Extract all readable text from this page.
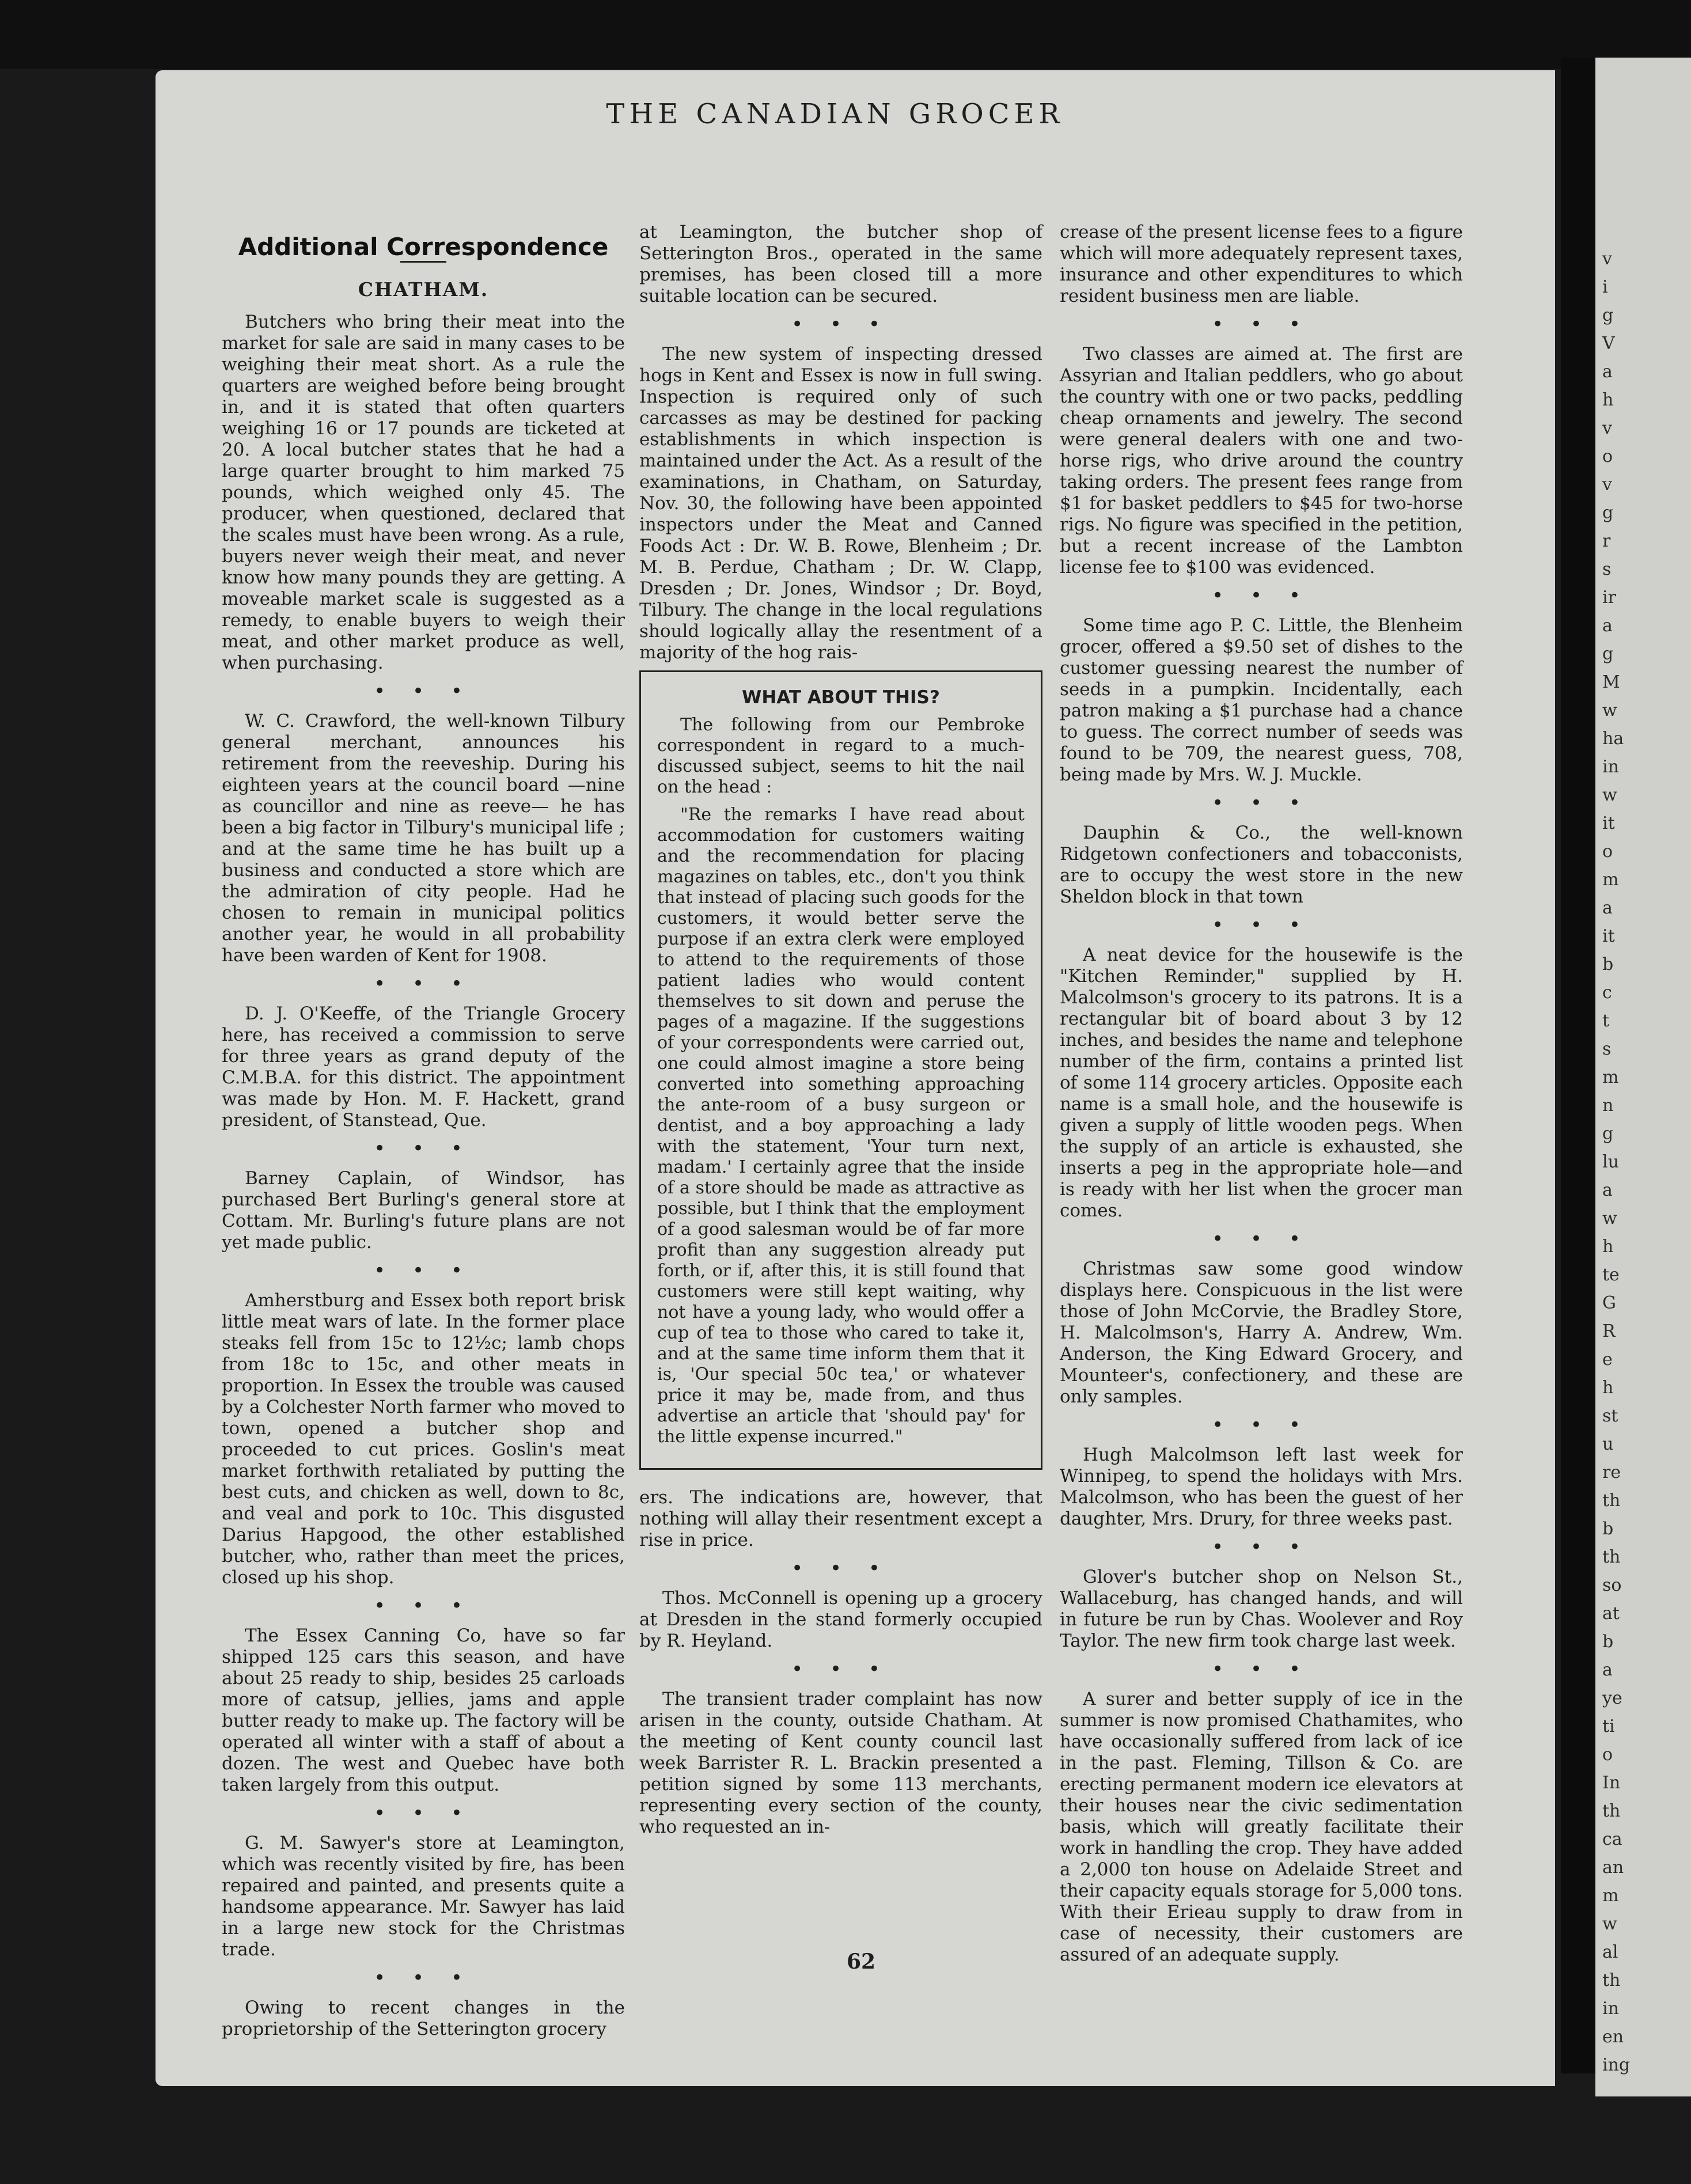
v
i
g
V
a
h
v
o
v
g
r
s
ir
a
g
M
w
ha
in
w
it
o
m
a
it
b
c
t
s
m
n
g
lu
a
w
h
te
G
R
e
h
st
u
re
th
b
th
so
at
b
a
ye
ti
o
In
th
ca
an
m
w
al
th
in
en
ing
THE CANADIAN GROCER
Additional Correspondence
CHATHAM.

Butchers who bring their meat into the market for sale are said in many cases to be weighing their meat short. As a rule the quarters are weighed before being brought in, and it is stated that often quarters weighing 16 or 17 pounds are ticketed at 20. A local butcher states that he had a large quarter brought to him marked 75 pounds, which weighed only 45. The producer, when questioned, declared that the scales must have been wrong. As a rule, buyers never weigh their meat, and never know how many pounds they are getting. A moveable market scale is suggested as a remedy, to enable buyers to weigh their meat, and other market produce as well, when purchasing.

• • •

W. C. Crawford, the well-known Tilbury general merchant, announces his retirement from the reeveship. During his eighteen years at the council board —nine as councillor and nine as reeve— he has been a big factor in Tilbury's municipal life ; and at the same time he has built up a business and conducted a store which are the admiration of city people. Had he chosen to remain in municipal politics another year, he would in all probability have been warden of Kent for 1908.

• • •

D. J. O'Keeffe, of the Triangle Grocery here, has received a commission to serve for three years as grand deputy of the C.M.B.A. for this district. The appointment was made by Hon. M. F. Hackett, grand president, of Stanstead, Que.

• • •

Barney Caplain, of Windsor, has purchased Bert Burling's general store at Cottam. Mr. Burling's future plans are not yet made public.

• • •

Amherstburg and Essex both report brisk little meat wars of late. In the former place steaks fell from 15c to 12½c; lamb chops from 18c to 15c, and other meats in proportion. In Essex the trouble was caused by a Colchester North farmer who moved to town, opened a butcher shop and proceeded to cut prices. Goslin's meat market forthwith retaliated by putting the best cuts, and chicken as well, down to 8c, and veal and pork to 10c. This disgusted Darius Hapgood, the other established butcher, who, rather than meet the prices, closed up his shop.

• • •

The Essex Canning Co, have so far shipped 125 cars this season, and have about 25 ready to ship, besides 25 carloads more of catsup, jellies, jams and apple butter ready to make up. The factory will be operated all winter with a staff of about a dozen. The west and Quebec have both taken largely from this output.

• • •

G. M. Sawyer's store at Leamington, which was recently visited by fire, has been repaired and painted, and presents quite a handsome appearance. Mr. Sawyer has laid in a large new stock for the Christmas trade.

• • •

Owing to recent changes in the proprietorship of the Setterington grocery

at Leamington, the butcher shop of Setterington Bros., operated in the same premises, has been closed till a more suitable location can be secured.

• • •

The new system of inspecting dressed hogs in Kent and Essex is now in full swing. Inspection is required only of such carcasses as may be destined for packing establishments in which inspection is maintained under the Act. As a result of the examinations, in Chatham, on Saturday, Nov. 30, the following have been appointed inspectors under the Meat and Canned Foods Act : Dr. W. B. Rowe, Blenheim ; Dr. M. B. Perdue, Chatham ; Dr. W. Clapp, Dresden ; Dr. Jones, Windsor ; Dr. Boyd, Tilbury. The change in the local regulations should logically allay the resentment of a majority of the hog rais-

WHAT ABOUT THIS?

The following from our Pembroke correspondent in regard to a much-discussed subject, seems to hit the nail on the head :

"Re the remarks I have read about accommodation for customers waiting and the recommendation for placing magazines on tables, etc., don't you think that instead of placing such goods for the customers, it would better serve the purpose if an extra clerk were employed to attend to the requirements of those patient ladies who would content themselves to sit down and peruse the pages of a magazine. If the suggestions of your correspondents were carried out, one could almost imagine a store being converted into something approaching the ante-room of a busy surgeon or dentist, and a boy approaching a lady with the statement, 'Your turn next, madam.' I certainly agree that the inside of a store should be made as attractive as possible, but I think that the employment of a good salesman would be of far more profit than any suggestion already put forth, or if, after this, it is still found that customers were still kept waiting, why not have a young lady, who would offer a cup of tea to those who cared to take it, and at the same time inform them that it is, 'Our special 50c tea,' or whatever price it may be, made from, and thus advertise an article that 'should pay' for the little expense incurred."

ers. The indications are, however, that nothing will allay their resentment except a rise in price.

• • •

Thos. McConnell is opening up a grocery at Dresden in the stand formerly occupied by R. Heyland.

• • •

The transient trader complaint has now arisen in the county, outside Chatham. At the meeting of Kent county council last week Barrister R. L. Brackin presented a petition signed by some 113 merchants, representing every section of the county, who requested an in-

crease of the present license fees to a figure which will more adequately represent taxes, insurance and other expenditures to which resident business men are liable.

• • •

Two classes are aimed at. The first are Assyrian and Italian peddlers, who go about the country with one or two packs, peddling cheap ornaments and jewelry. The second were general dealers with one and two-horse rigs, who drive around the country taking orders. The present fees range from $1 for basket peddlers to $45 for two-horse rigs. No figure was specified in the petition, but a recent increase of the Lambton license fee to $100 was evidenced.

• • •

Some time ago P. C. Little, the Blenheim grocer, offered a $9.50 set of dishes to the customer guessing nearest the number of seeds in a pumpkin. Incidentally, each patron making a $1 purchase had a chance to guess. The correct number of seeds was found to be 709, the nearest guess, 708, being made by Mrs. W. J. Muckle.

• • •

Dauphin & Co., the well-known Ridgetown confectioners and tobacconists, are to occupy the west store in the new Sheldon block in that town

• • •

A neat device for the housewife is the "Kitchen Reminder," supplied by H. Malcolmson's grocery to its patrons. It is a rectangular bit of board about 3 by 12 inches, and besides the name and telephone number of the firm, contains a printed list of some 114 grocery articles. Opposite each name is a small hole, and the housewife is given a supply of little wooden pegs. When the supply of an article is exhausted, she inserts a peg in the appropriate hole—and is ready with her list when the grocer man comes.

• • •

Christmas saw some good window displays here. Conspicuous in the list were those of John McCorvie, the Bradley Store, H. Malcolmson's, Harry A. Andrew, Wm. Anderson, the King Edward Grocery, and Mounteer's, confectionery, and these are only samples.

• • •

Hugh Malcolmson left last week for Winnipeg, to spend the holidays with Mrs. Malcolmson, who has been the guest of her daughter, Mrs. Drury, for three weeks past.

• • •

Glover's butcher shop on Nelson St., Wallaceburg, has changed hands, and will in future be run by Chas. Woolever and Roy Taylor. The new firm took charge last week.

• • •

A surer and better supply of ice in the summer is now promised Chathamites, who have occasionally suffered from lack of ice in the past. Fleming, Tillson & Co. are erecting permanent modern ice elevators at their houses near the civic sedimentation basis, which will greatly facilitate their work in handling the crop. They have added a 2,000 ton house on Adelaide Street and their capacity equals storage for 5,000 tons. With their Erieau supply to draw from in case of necessity, their customers are assured of an adequate supply.

62
